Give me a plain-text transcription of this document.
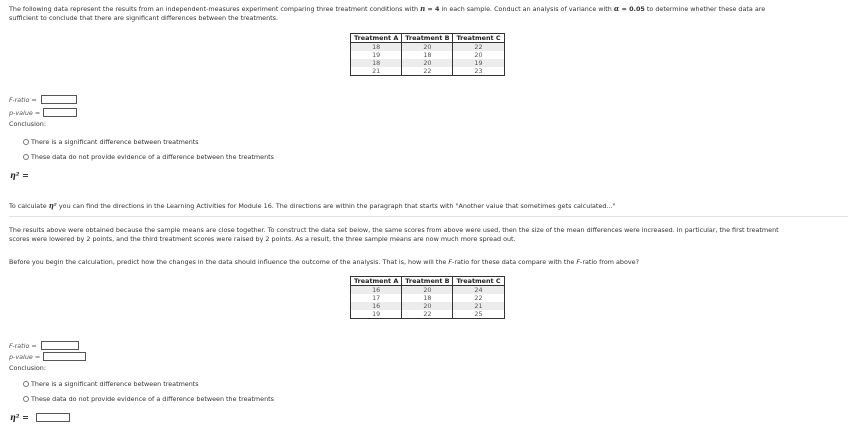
The following data represent the results from an independent-measures experiment comparing three treatment conditions with n = 4 in each sample. Conduct an analysis of variance with α = 0.05 to determine whether these data are
sufficient to conclude that there are significant differences between the treatments.
Treatment A	Treatment B	Treatment C
18	20	22
19	18	20
18	20	19
21	22	23
F-ratio =
p-value =
Conclusion:
There is a significant difference between treatments
These data do not provide evidence of a difference between the treatments
η² =
To calculate η² you can find the directions in the Learning Activities for Module 16. The directions are within the paragraph that starts with "Another value that sometimes gets calculated..."
The results above were obtained because the sample means are close together. To construct the data set below, the same scores from above were used, then the size of the mean differences were increased. In particular, the first treatment
scores were lowered by 2 points, and the third treatment scores were raised by 2 points. As a result, the three sample means are now much more spread out.
Before you begin the calculation, predict how the changes in the data should influence the outcome of the analysis. That is, how will the F-ratio for these data compare with the F-ratio from above?
Treatment A	Treatment B	Treatment C
16	20	24
17	18	22
16	20	21
19	22	25
F-ratio =
p-value =
Conclusion:
There is a significant difference between treatments
These data do not provide evidence of a difference between the treatments
η² =
